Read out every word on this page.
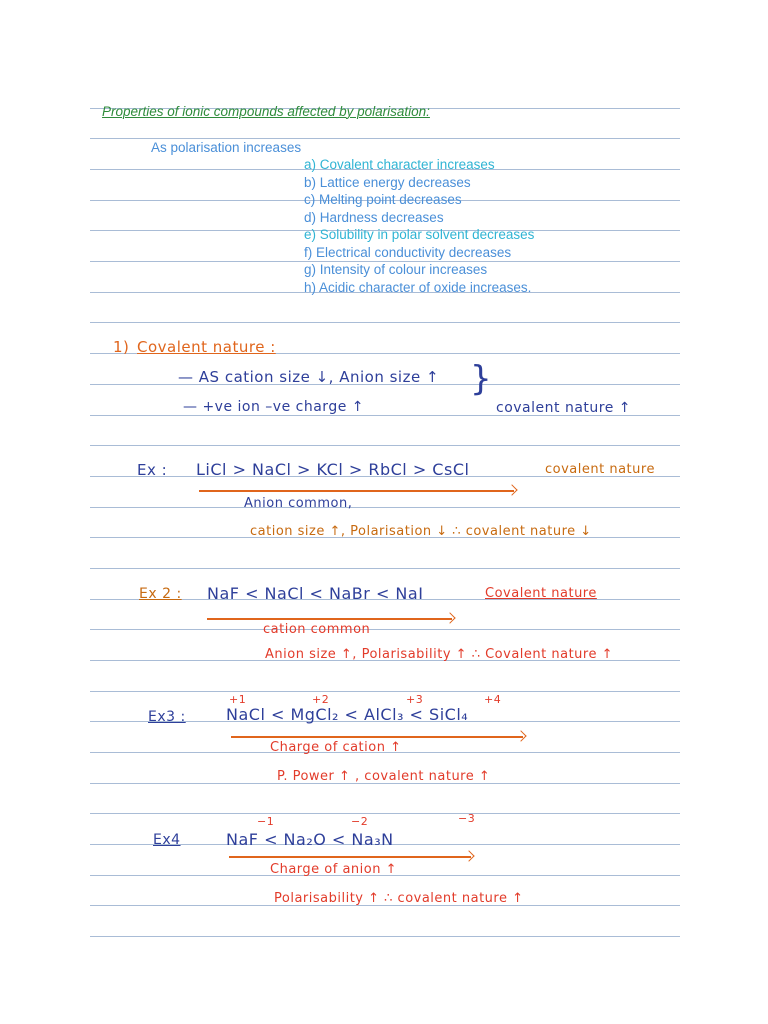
Properties of ionic compounds affected by polarisation:
As polarisation increases
a) Covalent character increases
b) Lattice energy decreases
c) Melting point decreases
d) Hardness decreases
e) Solubility in polar solvent decreases
f) Electrical conductivity decreases
g) Intensity of colour increases
h) Acidic character of oxide increases.
1) Covalent nature :
— AS cation size ↓, Anion size ↑
— +ve ion –ve charge ↑
}
covalent nature ↑
Ex : LiCl > NaCl > KCl > RbCl > CsCl	covalent nature
Anion common,
cation size ↑, Polarisation ↓ ∴ covalent nature ↓
Ex 2 : NaF < NaCl < NaBr < NaI	Covalent nature
cation common
Anion size ↑, Polarisability ↑ ∴ Covalent nature ↑
+1	+2	+3	+4
Ex3 :	NaCl < MgCl₂ < AlCl₃ < SiCl₄
Charge of cation ↑
P. Power ↑ , covalent nature ↑
−1	−2	−3
Ex4	NaF < Na₂O < Na₃N
Charge of anion ↑
Polarisability ↑ ∴ covalent nature ↑
